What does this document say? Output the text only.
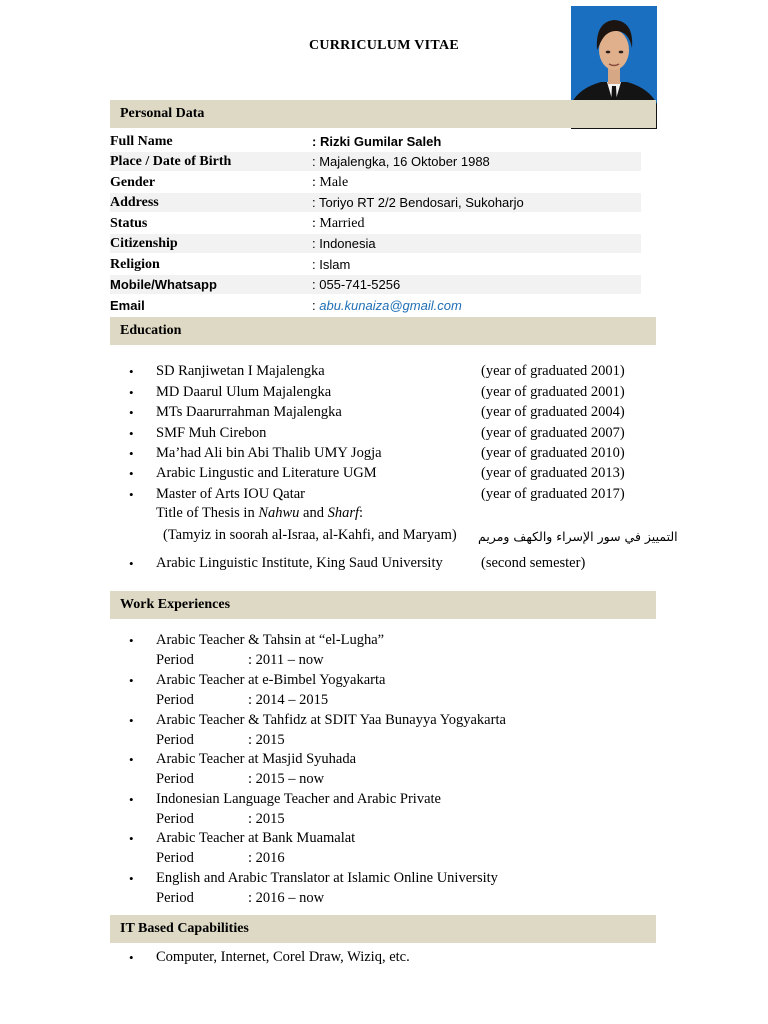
CURRICULUM VITAE
Personal Data
Full Name	: Rizki Gumilar Saleh
Place / Date of Birth	: Majalengka, 16 Oktober 1988
Gender	: Male
Address	: Toriyo RT 2/2 Bendosari, Sukoharjo
Status	: Married
Citizenship	: Indonesia
Religion	: Islam
Mobile/Whatsapp	: 055-741-5256
Email	: abu.kunaiza@gmail.com
Education
• SD Ranjiwetan I Majalengka	(year of graduated 2001)
• MD Daarul Ulum Majalengka	(year of graduated 2001)
• MTs Daarurrahman Majalengka	(year of graduated 2004)
• SMF Muh Cirebon	(year of graduated 2007)
• Ma’had Ali bin Abi Thalib UMY Jogja	(year of graduated 2010)
• Arabic Lingustic and Literature UGM	(year of graduated 2013)
• Master of Arts IOU Qatar	(year of graduated 2017)
Title of Thesis in Nahwu and Sharf:
(Tamyiz in soorah al-Israa, al-Kahfi, and Maryam) التمييز في سور الإسراء والكهف ومريم
• Arabic Linguistic Institute, King Saud University	(second semester)
Work Experiences
• Arabic Teacher & Tahsin at “el-Lugha”
Period	: 2011 – now
• Arabic Teacher at e-Bimbel Yogyakarta
Period	: 2014 – 2015
• Arabic Teacher & Tahfidz at SDIT Yaa Bunayya Yogyakarta
Period	: 2015
• Arabic Teacher at Masjid Syuhada
Period	: 2015 – now
• Indonesian Language Teacher and Arabic Private
Period	: 2015
• Arabic Teacher at Bank Muamalat
Period	: 2016
• English and Arabic Translator at Islamic Online University
Period	: 2016 – now
IT Based Capabilities
• Computer, Internet, Corel Draw, Wiziq, etc.
